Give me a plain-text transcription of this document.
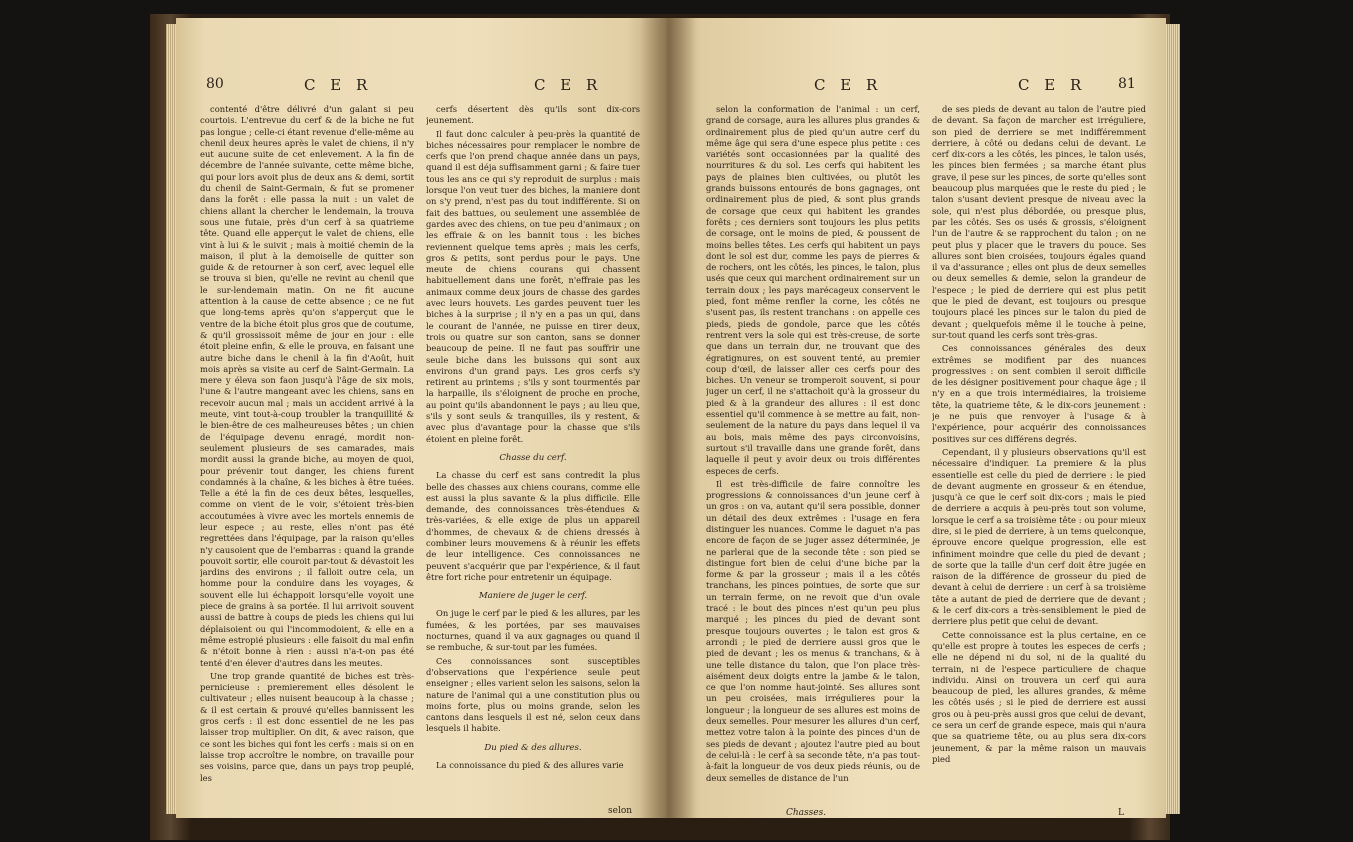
80	C E R	C E R

contenté d'être délivré d'un galant si peu courtois. L'entrevue du cerf & de la biche ne fut pas longue ; celle-ci étant revenue d'elle-même au chenil deux heures après le valet de chiens, il n'y eut aucune suite de cet enlevement. A la fin de décembre de l'année suivante, cette même biche, qui pour lors avoit plus de deux ans & demi, sortit du chenil de Saint-Germain, & fut se promener dans la forêt : elle passa la nuit : un valet de chiens allant la chercher le lendemain, la trouva sous une futaie, près d'un cerf à sa quatrieme tête. Quand elle apperçut le valet de chiens, elle vint à lui & le suivit ; mais à moitié chemin de la maison, il plut à la demoiselle de quitter son guide & de retourner à son cerf, avec lequel elle se trouva si bien, qu'elle ne revint au chenil que le sur-lendemain matin. On ne fit aucune attention à la cause de cette absence ; ce ne fut que long-tems après qu'on s'apperçut que le ventre de la biche étoit plus gros que de coutume, & qu'il grossissoit même de jour en jour : elle étoit pleine enfin, & elle le prouva, en faisant une autre biche dans le chenil à la fin d'Août, huit mois après sa visite au cerf de Saint-Germain. La mere y éleva son faon jusqu'à l'âge de six mois, l'une & l'autre mangeant avec les chiens, sans en recevoir aucun mal ; mais un accident arrivé à la meute, vint tout-à-coup troubler la tranquillité & le bien-être de ces malheureuses bêtes ; un chien de l'équipage devenu enragé, mordit non-seulement plusieurs de ses camarades, mais mordit aussi la grande biche, au moyen de quoi, pour prévenir tout danger, les chiens furent condamnés à la chaîne, & les biches à être tuées. Telle a été la fin de ces deux bêtes, lesquelles, comme on vient de le voir, s'étoient très-bien accoutumées à vivre avec les mortels ennemis de leur espece ; au reste, elles n'ont pas été regrettées dans l'équipage, par la raison qu'elles n'y causoient que de l'embarras : quand la grande pouvoit sortir, elle couroit par-tout & dévastoit les jardins des environs ; il falloit outre cela, un homme pour la conduire dans les voyages, & souvent elle lui échappoit lorsqu'elle voyoit une piece de grains à sa portée. Il lui arrivoit souvent aussi de battre à coups de pieds les chiens qui lui déplaisoient ou qui l'incommodoient, & elle en a même estropié plusieurs : elle faisoit du mal enfin & n'étoit bonne à rien : aussi n'a-t-on pas été tenté d'en élever d'autres dans les meutes.

Une trop grande quantité de biches est très-pernicieuse : premierement elles désolent le cultivateur ; elles nuisent beaucoup à la chasse ; & il est certain & prouvé qu'elles bannissent les gros cerfs : il est donc essentiel de ne les pas laisser trop multiplier. On dit, & avec raison, que ce sont les biches qui font les cerfs : mais si on en laisse trop accroître le nombre, on travaille pour ses voisins, parce que, dans un pays trop peuplé, les

cerfs désertent dès qu'ils sont dix-cors jeunement.

Il faut donc calculer à peu-près la quantité de biches nécessaires pour remplacer le nombre de cerfs que l'on prend chaque année dans un pays, quand il est déja suffisamment garni ; & faire tuer tous les ans ce qui s'y reproduit de surplus : mais lorsque l'on veut tuer des biches, la maniere dont on s'y prend, n'est pas du tout indifférente. Si on fait des battues, ou seulement une assemblée de gardes avec des chiens, on tue peu d'animaux ; on les effraie & on les bannit tous : les biches reviennent quelque tems après ; mais les cerfs, gros & petits, sont perdus pour le pays. Une meute de chiens courans qui chassent habituellement dans une forêt, n'effraie pas les animaux comme deux jours de chasse des gardes avec leurs houvets. Les gardes peuvent tuer les biches à la surprise ; il n'y en a pas un qui, dans le courant de l'année, ne puisse en tirer deux, trois ou quatre sur son canton, sans se donner beaucoup de peine. Il ne faut pas souffrir une seule biche dans les buissons qui sont aux environs d'un grand pays. Les gros cerfs s'y retirent au printems ; s'ils y sont tourmentés par la harpaille, ils s'éloignent de proche en proche, au point qu'ils abandonnent le pays ; au lieu que, s'ils y sont seuls & tranquilles, ils y restent, & avec plus d'avantage pour la chasse que s'ils étoient en pleine forêt.

Chasse du cerf.

La chasse du cerf est sans contredit la plus belle des chasses aux chiens courans, comme elle est aussi la plus savante & la plus difficile. Elle demande, des connoissances très-étendues & très-variées, & elle exige de plus un appareil d'hommes, de chevaux & de chiens dressés à combiner leurs mouvemens & à réunir les effets de leur intelligence. Ces connoissances ne peuvent s'acquérir que par l'expérience, & il faut être fort riche pour entretenir un équipage.

Maniere de juger le cerf.

On juge le cerf par le pied & les allures, par les fumées, & les portées, par ses mauvaises nocturnes, quand il va aux gagnages ou quand il se rembuche, & sur-tout par les fumées.

Ces connoissances sont susceptibles d'observations que l'expérience seule peut enseigner ; elles varient selon les saisons, selon la nature de l'animal qui a une constitution plus ou moins forte, plus ou moins grande, selon les cantons dans lesquels il est né, selon ceux dans lesquels il habite.

Du pied & des allures.

La connoissance du pied & des allures varie

selon
C E R	C E R 81

selon la conformation de l'animal : un cerf, grand de corsage, aura les allures plus grandes & ordinairement plus de pied qu'un autre cerf du même âge qui sera d'une espece plus petite : ces variétés sont occasionnées par la qualité des nourritures & du sol. Les cerfs qui habitent les pays de plaines bien cultivées, ou plutôt les grands buissons entourés de bons gagnages, ont ordinairement plus de pied, & sont plus grands de corsage que ceux qui habitent les grandes forêts ; ces derniers sont toujours les plus petits de corsage, ont le moins de pied, & poussent de moins belles têtes. Les cerfs qui habitent un pays dont le sol est dur, comme les pays de pierres & de rochers, ont les côtés, les pinces, le talon, plus usés que ceux qui marchent ordinairement sur un terrain doux ; les pays marécageux conservent le pied, font même renfler la corne, les côtés ne s'usent pas, ils restent tranchans : on appelle ces pieds, pieds de gondole, parce que les côtés rentrent vers la sole qui est très-creuse, de sorte que dans un terrain dur, ne trouvant que des égratignures, on est souvent tenté, au premier coup d'œil, de laisser aller ces cerfs pour des biches. Un veneur se tromperoit souvent, si pour juger un cerf, il ne s'attachoit qu'à la grosseur du pied & à la grandeur des allures : il est donc essentiel qu'il commence à se mettre au fait, non-seulement de la nature du pays dans lequel il va au bois, mais même des pays circonvoisins, surtout s'il travaille dans une grande forêt, dans laquelle il peut y avoir deux ou trois différentes especes de cerfs.

Il est très-difficile de faire connoître les progressions & connoissances d'un jeune cerf à un gros : on va, autant qu'il sera possible, donner un détail des deux extrêmes : l'usage en fera distinguer les nuances. Comme le daguet n'a pas encore de façon de se juger assez déterminée, je ne parlerai que de la seconde tête : son pied se distingue fort bien de celui d'une biche par la forme & par la grosseur ; mais il a les côtés tranchans, les pinces pointues, de sorte que sur un terrain ferme, on ne revoit que d'un ovale tracé : le bout des pinces n'est qu'un peu plus marqué ; les pinces du pied de devant sont presque toujours ouvertes ; le talon est gros & arrondi ; le pied de derriere aussi gros que le pied de devant ; les os menus & tranchans, & à une telle distance du talon, que l'on place très-aisément deux doigts entre la jambe & le talon, ce que l'on nomme haut-jointé. Ses allures sont un peu croisées, mais irrégulieres pour la longueur ; la longueur de ses allures est moins de deux semelles. Pour mesurer les allures d'un cerf, mettez votre talon à la pointe des pinces d'un de ses pieds de devant ; ajoutez l'autre pied au bout de celui-là : le cerf à sa seconde tête, n'a pas tout-à-fait la longueur de vos deux pieds réunis, ou de deux semelles de distance de l'un

de ses pieds de devant au talon de l'autre pied de devant. Sa façon de marcher est irréguliere, son pied de derriere se met indifféremment derriere, à côté ou dedans celui de devant. Le cerf dix-cors a les côtés, les pinces, le talon usés, les pinces bien fermées ; sa marche étant plus grave, il pese sur les pinces, de sorte qu'elles sont beaucoup plus marquées que le reste du pied ; le talon s'usant devient presque de niveau avec la sole, qui n'est plus débordée, ou presque plus, par les côtés. Ses os usés & grossis, s'éloignent l'un de l'autre & se rapprochent du talon ; on ne peut plus y placer que le travers du pouce. Ses allures sont bien croisées, toujours égales quand il va d'assurance ; elles ont plus de deux semelles ou deux semelles & demie, selon la grandeur de l'espece ; le pied de derriere qui est plus petit que le pied de devant, est toujours ou presque toujours placé les pinces sur le talon du pied de devant ; quelquefois même il le touche à peine, sur-tout quand les cerfs sont très-gras.

Ces connoissances générales des deux extrêmes se modifient par des nuances progressives : on sent combien il seroit difficile de les désigner positivement pour chaque âge ; il n'y en a que trois intermédiaires, la troisieme tête, la quatrieme tête, & le dix-cors jeunement : je ne puis que renvoyer à l'usage & à l'expérience, pour acquérir des connoissances positives sur ces différens degrés.

Cependant, il y plusieurs observations qu'il est nécessaire d'indiquer. La premiere & la plus essentielle est celle du pied de derriere : le pied de devant augmente en grosseur & en étendue, jusqu'à ce que le cerf soit dix-cors ; mais le pied de derriere a acquis à peu-près tout son volume, lorsque le cerf a sa troisième tête : ou pour mieux dire, si le pied de derriere, à un tems quelconque, éprouve encore quelque progression, elle est infiniment moindre que celle du pied de devant ; de sorte que la taille d'un cerf doit être jugée en raison de la différence de grosseur du pied de devant à celui de derriere : un cerf à sa troisième tête a autant de pied de derriere que de devant ; & le cerf dix-cors a très-sensiblement le pied de derriere plus petit que celui de devant.

Cette connoissance est la plus certaine, en ce qu'elle est propre à toutes les especes de cerfs ; elle ne dépend ni du sol, ni de la qualité du terrain, ni de l'espece particuliere de chaque individu. Ainsi on trouvera un cerf qui aura beaucoup de pied, les allures grandes, & même les côtés usés ; si le pied de derriere est aussi gros ou à peu-près aussi gros que celui de devant, ce sera un cerf de grande espece, mais qui n'aura que sa quatrieme tête, ou au plus sera dix-cors jeunement, & par la même raison un mauvais pied

Chasses.	L
